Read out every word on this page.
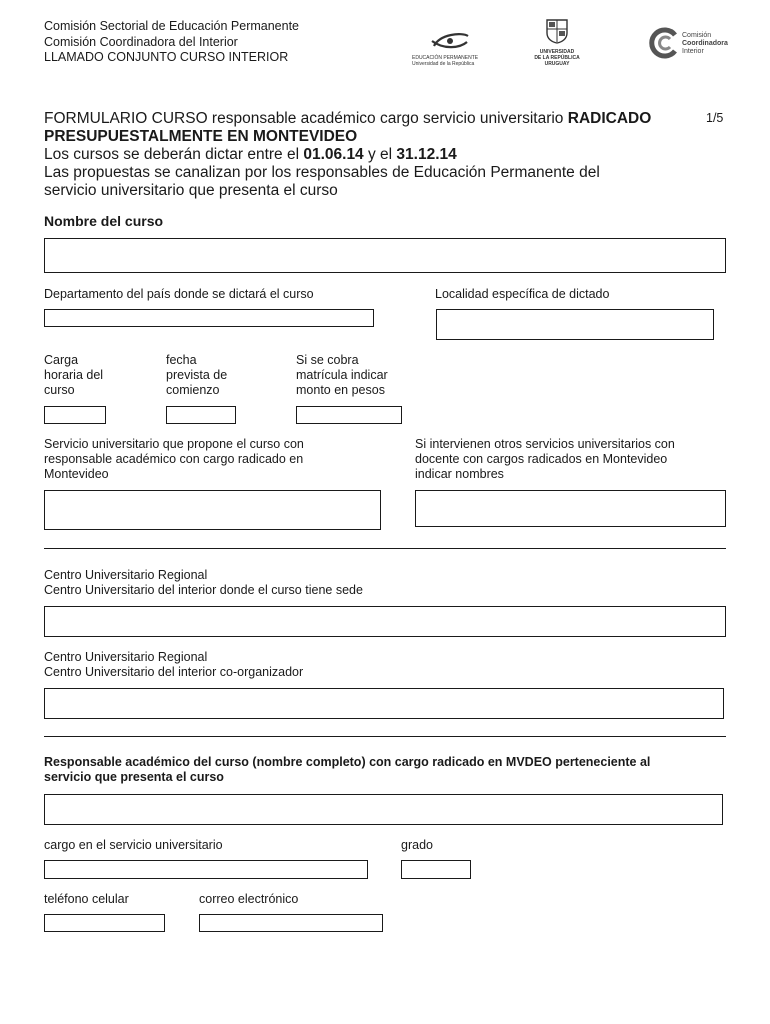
Comisión Sectorial de Educación Permanente
Comisión Coordinadora del Interior
LLAMADO CONJUNTO CURSO INTERIOR	EDUCACIÓN PERMANENTE
Universidad de la República
UNIVERSIDAD
DE LA REPÚBLICA
URUGUAY
Comisión
Coordinadora
Interior
1/5
FORMULARIO CURSO responsable académico cargo servicio universitario RADICADO
PRESUPUESTALMENTE EN MONTEVIDEO
Los cursos se deberán dictar entre el 01.06.14 y el 31.12.14
Las propuestas se canalizan por los responsables de Educación Permanente del
servicio universitario que presenta el curso
Nombre del curso
Departamento del país donde se dictará el curso	Localidad específica de dictado
Carga
horaria del
curso
fecha
prevista de
comienzo
Si se cobra
matrícula indicar
monto en pesos
Servicio universitario que propone el curso con
responsable académico con cargo radicado en
Montevideo
Si intervienen otros servicios universitarios con
docente con cargos radicados en Montevideo
indicar nombres
Centro Universitario Regional
Centro Universitario del interior donde el curso tiene sede
Centro Universitario Regional
Centro Universitario del interior co-organizador
Responsable académico del curso (nombre completo) con cargo radicado en MVDEO perteneciente al
servicio que presenta el curso
cargo en el servicio universitario	grado
teléfono celular	correo electrónico
